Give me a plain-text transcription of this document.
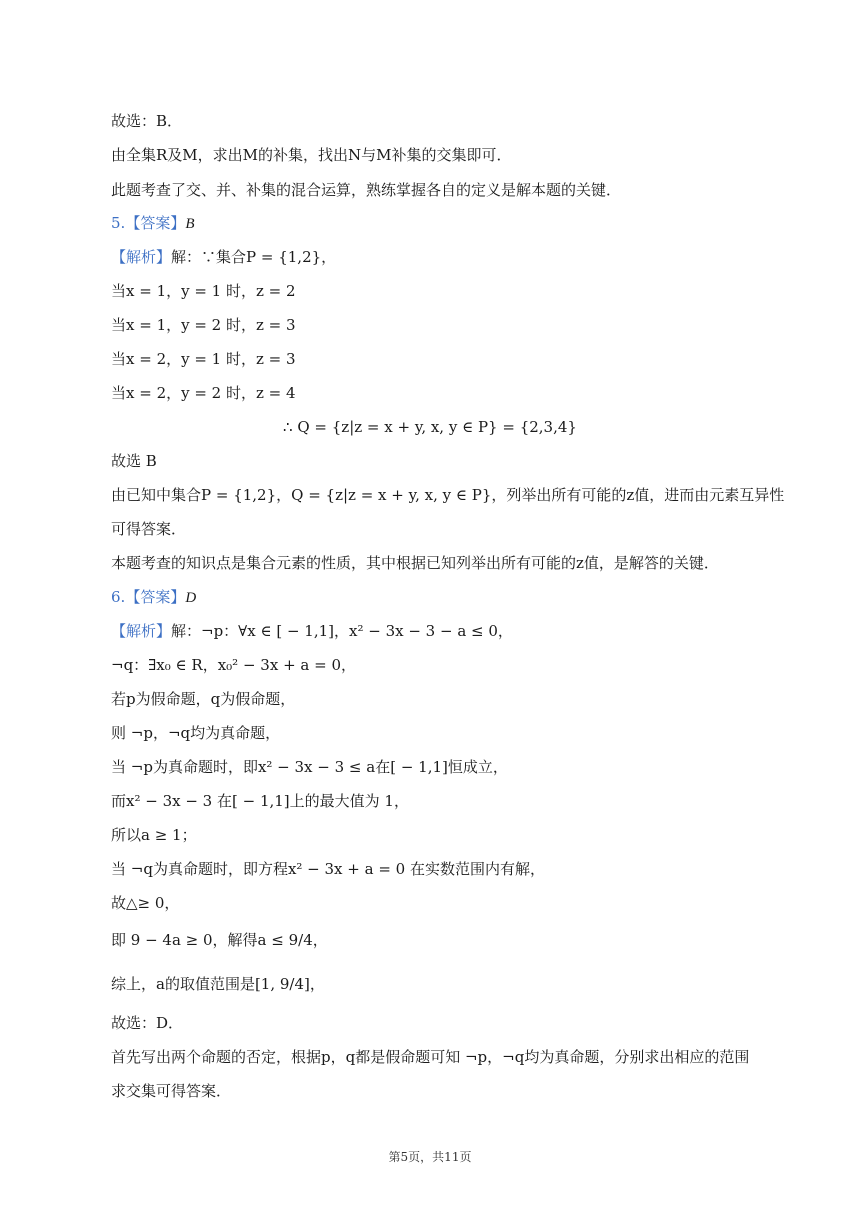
故选：B．
由全集R及M，求出M的补集，找出N与M补集的交集即可．
此题考查了交、并、补集的混合运算，熟练掌握各自的定义是解本题的关键．
5.【答案】B
【解析】解：∵集合P = {1,2}，
当x = 1，y = 1 时，z = 2
当x = 1，y = 2 时，z = 3
当x = 2，y = 1 时，z = 3
当x = 2，y = 2 时，z = 4
∴ Q = {z|z = x + y, x, y ∈ P} = {2,3,4}
故选 B
由已知中集合P = {1,2}，Q = {z|z = x + y, x, y ∈ P}，列举出所有可能的z值，进而由元素互异性
可得答案．
本题考查的知识点是集合元素的性质，其中根据已知列举出所有可能的z值，是解答的关键．
6.【答案】D
【解析】解：¬p：∀x ∈ [ − 1,1]，x² − 3x − 3 − a ≤ 0，
¬q：∃x₀ ∈ R，x₀² − 3x + a = 0，
若p为假命题，q为假命题，
则 ¬p，¬q均为真命题，
当 ¬p为真命题时，即x² − 3x − 3 ≤ a在[ − 1,1]恒成立，
而x² − 3x − 3 在[ − 1,1]上的最大值为 1，
所以a ≥ 1；
当 ¬q为真命题时，即方程x² − 3x + a = 0 在实数范围内有解，
故△≥ 0，
即 9 − 4a ≥ 0，解得a ≤ 9/4，
综上，a的取值范围是[1, 9/4]，
故选：D．
首先写出两个命题的否定，根据p，q都是假命题可知 ¬p，¬q均为真命题，分别求出相应的范围
求交集可得答案．
第5页，共11页
